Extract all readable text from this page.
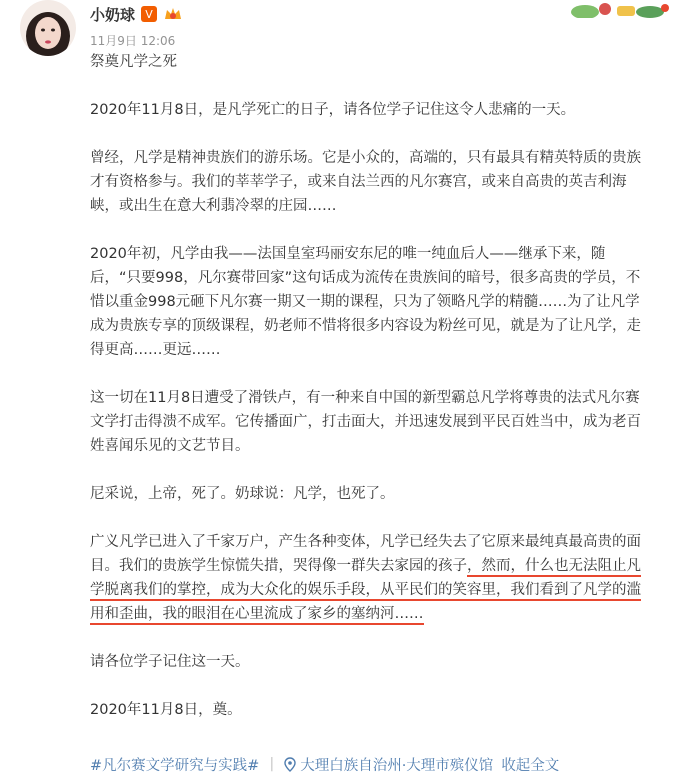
小奶球 V
11月9日 12:06

祭奠凡学之死

2020年11月8日，是凡学死亡的日子，请各位学子记住这令人悲痛的一天。

曾经，凡学是精神贵族们的游乐场。它是小众的，高端的，只有最具有精英特质的贵族才有资格参与。我们的莘莘学子，或来自法兰西的凡尔赛宫，或来自高贵的英吉利海峡，或出生在意大利翡冷翠的庄园……

2020年初，凡学由我——法国皇室玛丽安东尼的唯一纯血后人——继承下来，随后，“只要998，凡尔赛带回家”这句话成为流传在贵族间的暗号，很多高贵的学员，不惜以重金998元砸下凡尔赛一期又一期的课程，只为了领略凡学的精髓……为了让凡学成为贵族专享的顶级课程，奶老师不惜将很多内容设为粉丝可见，就是为了让凡学，走得更高……更远……

这一切在11月8日遭受了滑铁卢，有一种来自中国的新型霸总凡学将尊贵的法式凡尔赛文学打击得溃不成军。它传播面广，打击面大，并迅速发展到平民百姓当中，成为老百姓喜闻乐见的文艺节目。

尼采说，上帝，死了。奶球说：凡学，也死了。

广义凡学已进入了千家万户，产生各种变体，凡学已经失去了它原来最纯真最高贵的面目。我们的贵族学生惊慌失措，哭得像一群失去家园的孩子，然而，什么也无法阻止凡学脱离我们的掌控，成为大众化的娱乐手段，从平民们的笑容里，我们看到了凡学的滥用和歪曲，我的眼泪在心里流成了家乡的塞纳河……

请各位学子记住这一天。

2020年11月8日，奠。

#凡尔赛文学研究与实践# | 大理白族自治州·大理市殡仪馆 收起全文
